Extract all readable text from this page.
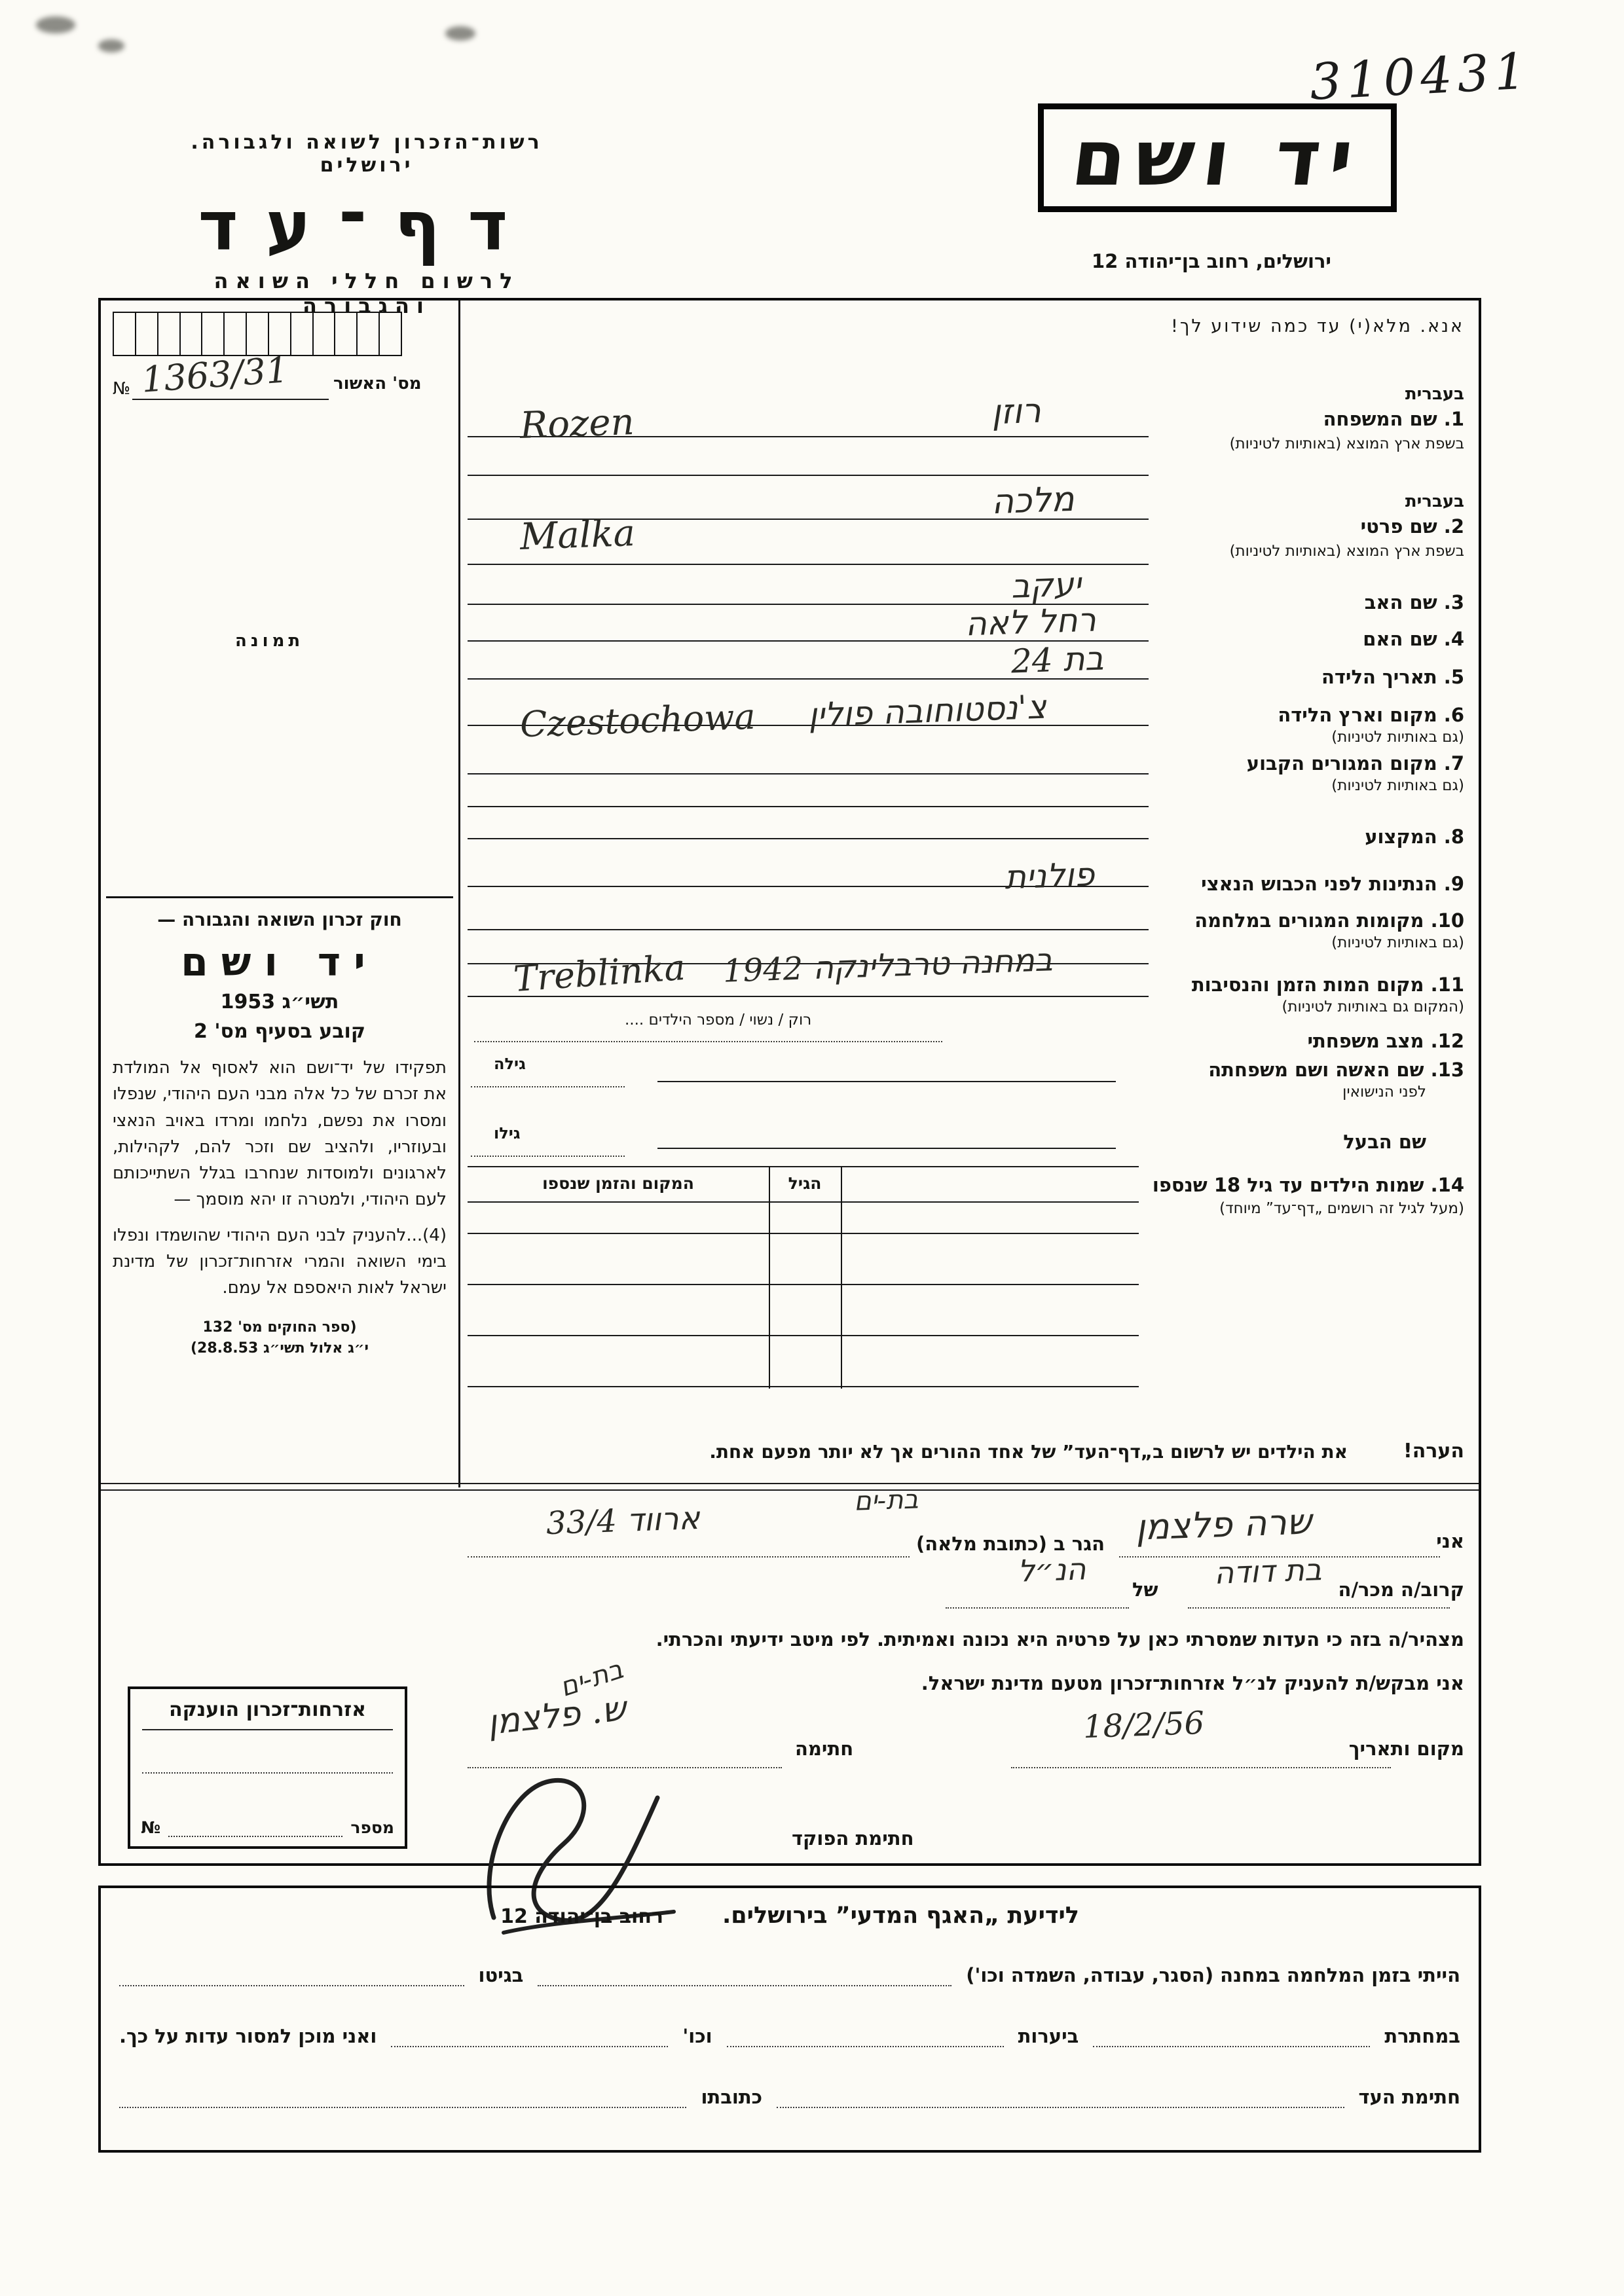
310431
רשות־הזכרון לשואה ולגבורה. ירושלים
דף־עד
לרשום חללי השואה והגבורה
יד ושם
ירושלים, רחוב בן־יהודה 12
№ 1363/31	מס' האשור
תמונה
חוק זכרון השואה והגבורה —
יד ושם
תשי״ג 1953
קובע בסעיף מס' 2
תפקידו של יד־ושם הוא לאסוף אל המולדת את זכרם של כל אלה מבני העם היהודי, שנפלו ומסרו את נפשם, נלחמו ומרדו באויב הנאצי ובעוזריו, ולהציב שם וזכר להם, לקהילות, לארגונים ולמוסדות שנחרבו בגלל השתייכותם לעם היהודי, ולמטרה זו יהא מוסמך —
(4)...להעניק לבני העם היהודי שהושמדו ונפלו בימי השואה והמרי אזרחות־זכרון של מדינת ישראל לאות היאספם אל עמם.
(ספר החוקים מס' 132
י״ג אלול תשי״ג 28.8.53)
אנא. מלא(י) עד כמה שידוע לך!
בעברית
1. שם המשפחה
בשפת ארץ המוצא (באותיות לטיניות)
רוזן
Rozen
בעברית
2. שם פרטי
בשפת ארץ המוצא (באותיות לטיניות)
מלכה
Malka
3. שם האב
יעקב
4. שם האם
רחל לאה
5. תאריך הלידה
בת 24
6. מקום וארץ הלידה
(גם באותיות לטיניות)
Czestochowa צ'נסטוחובה פולין
7. מקום המגורים הקבוע
(גם באותיות לטיניות)
8. המקצוע
9. הנתינות לפני הכבוש הנאצי
פולנית
10. מקומות המגורים במלחמה
(גם באותיות לטיניות)
11. מקום המות הזמן והנסיבות
(המקום גם באותיות לטיניות)
Treblinka במחנה טרבלינקה 1942
רוק / נשוי / מספר הילדים ....
12. מצב משפחתי
13. שם האשה ושם משפחתה
לפני הנישואין
גילה
שם הבעל
גילו
14. שמות הילדים עד גיל 18 שנספו
(מעל לגיל זה רושמים „דף־עד” מיוחד)
הגיל
המקום והזמן שנספו
הערה!
את הילדים יש לרשום ב„דף־העד” של אחד ההורים אך לא יותר מפעם אחת.
אני
שרה פלצמן
הגר ב (כתובת מלאה)
בת-ים
ארווד 33/4
קרוב/ה מכר/ה
בת דודה
של
הנ״ל
מצהיר/ה בזה כי העדות שמסרתי כאן על פרטיה היא נכונה ואמיתית. לפי מיטב ידיעתי והכרתי.
אני מבקש/ת להעניק לנ״ל אזרחות־זכרון מטעם מדינת ישראל.
מקום ותאריך
18/2/56
חתימה
ש. פלצמן
בת-ים
חתימת הפוקד
אזרחות־זכרון הוענקה
מספר
№
לידיעת „האגף המדעי” בירושלים.
רחוב בן־יהודה 12
הייתי בזמן המלחמה במחנה (הסגר, עבודה, השמדה וכו')
בגיטו
במחתרת
ביערות
וכו'
ואני מוכן למסור עדות על כך.
חתימת העד
כתובתו
